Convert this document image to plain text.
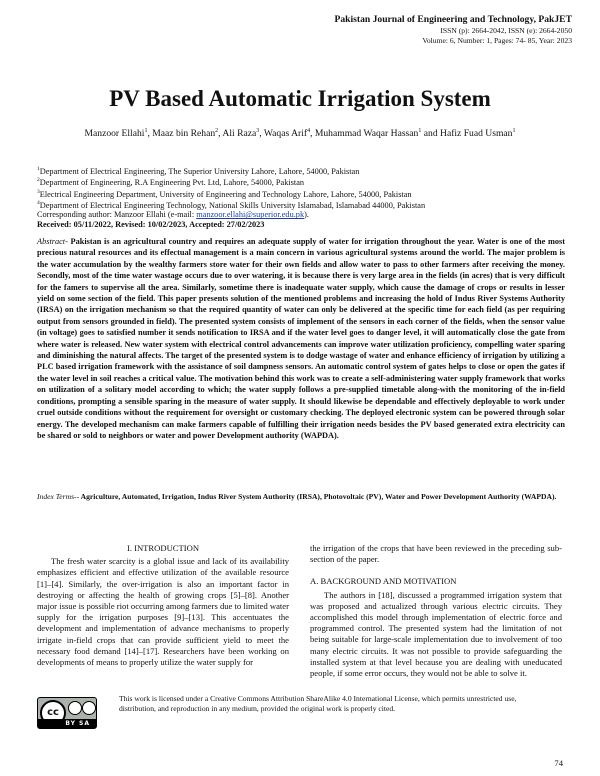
Pakistan Journal of Engineering and Technology, PakJET
ISSN (p): 2664-2042, ISSN (e): 2664-2050
Volume: 6, Number: 1, Pages: 74- 85, Year: 2023
PV Based Automatic Irrigation System
Manzoor Ellahi$^1$, Maaz bin Rehan$^2$, Ali Raza$^3$, Waqas Arif$^4$, Muhammad Waqar Hassan$^1$ and Hafiz Fuad Usman$^1$
$^1$Department of Electrical Engineering, The Superior University Lahore, Lahore, 54000, Pakistan
$^2$Department of Engineering, R.A Engineering Pvt. Ltd, Lahore, 54000, Pakistan
$^3$Electrical Engineering Department, University of Engineering and Technology Lahore, Lahore, 54000, Pakistan
$^4$Department of Electrical Engineering Technology, National Skills University Islamabad, Islamabad 44000, Pakistan
Corresponding author: Manzoor Ellahi (e-mail: manzoor.ellahi@superior.edu.pk).
Received: 05/11/2022, Revised: 10/02/2023, Accepted: 27/02/2023
Abstract- Pakistan is an agricultural country and requires an adequate supply of water for irrigation throughout the year. Water is one of the most precious natural resources and its effectual management is a main concern in various agricultural systems around the world. The major problem is the water accumulation by the wealthy farmers store water for their own fields and allow water to pass to other farmers after receiving the money. Secondly, most of the time water wastage occurs due to over watering, it is because there is very large area in the fields (in acres) that is very difficult for the famers to supervise all the area. Similarly, sometime there is inadequate water supply, which cause the damage of crops or results in lesser yield on some section of the field. This paper presents solution of the mentioned problems and increasing the hold of Indus River Systems Authority (IRSA) on the irrigation mechanism so that the required quantity of water can only be delivered at the specific time for each field (as per requiring output from sensors grounded in field). The presented system consists of implement of the sensors in each corner of the fields, when the sensor value (in voltage) goes to satisfied number it sends notification to IRSA and if the water level goes to danger level, it will automatically close the gate from where water is released. New water system with electrical control advancements can improve water utilization proficiency, compelling water sparing and diminishing the natural affects. The target of the presented system is to dodge wastage of water and enhance efficiency of irrigation by utilizing a PLC based irrigation framework with the assistance of soil dampness sensors. An automatic control system of gates helps to close or open the gates if the water level in soil reaches a critical value. The motivation behind this work was to create a self-administering water supply framework that works on utilization of a solitary model according to which; the water supply follows a pre-supplied timetable along-with the monitoring of the in-field conditions, prompting a sensible sparing in the measure of water supply. It should likewise be dependable and effectively deployable to work under cruel outside conditions without the requirement for oversight or customary checking. The deployed electronic system can be powered through solar energy. The developed mechanism can make farmers capable of fulfilling their irrigation needs besides the PV based generated extra electricity can be shared or sold to neighbors or water and power Development authority (WAPDA).
Index Terms-- Agriculture, Automated, Irrigation, Indus River System Authority (IRSA), Photovoltaic (PV), Water and Power Development Authority (WAPDA).
I. INTRODUCTION

The fresh water scarcity is a global issue and lack of its availability emphasizes efficient and effective utilization of the available resource [1]–[4]. Similarly, the over-irrigation is also an important factor in destroying or affecting the health of growing crops [5]–[8]. Another major issue is possible riot occurring among farmers due to limited water supply for the irrigation purposes [9]–[13]. This accentuates the development and implementation of advance mechanisms to properly irrigate in-field crops that can provide sufficient yield to meet the necessary food demand [14]–[17]. Researchers have been working on developments of means to properly utilize the water supply for

the irrigation of the crops that have been reviewed in the preceding sub-section of the paper.

A. BACKGROUND AND MOTIVATION

The authors in [18], discussed a programmed irrigation system that was proposed and actualized through various electric circuits. They accomplished this model through implementation of electric force and programmed control. The presented system had the limitation of not being suitable for large-scale implementation due to involvement of too many electric circuits. It was not possible to provide safeguarding the installed system at that level because you are dealing with uneducated people, if some error occurs, they would not be able to solve it.

cc
BY SA
This work is licensed under a Creative Commons Attribution ShareAlike 4.0 International License, which permits unrestricted use, distribution, and reproduction in any medium, provided the original work is properly cited.
74
